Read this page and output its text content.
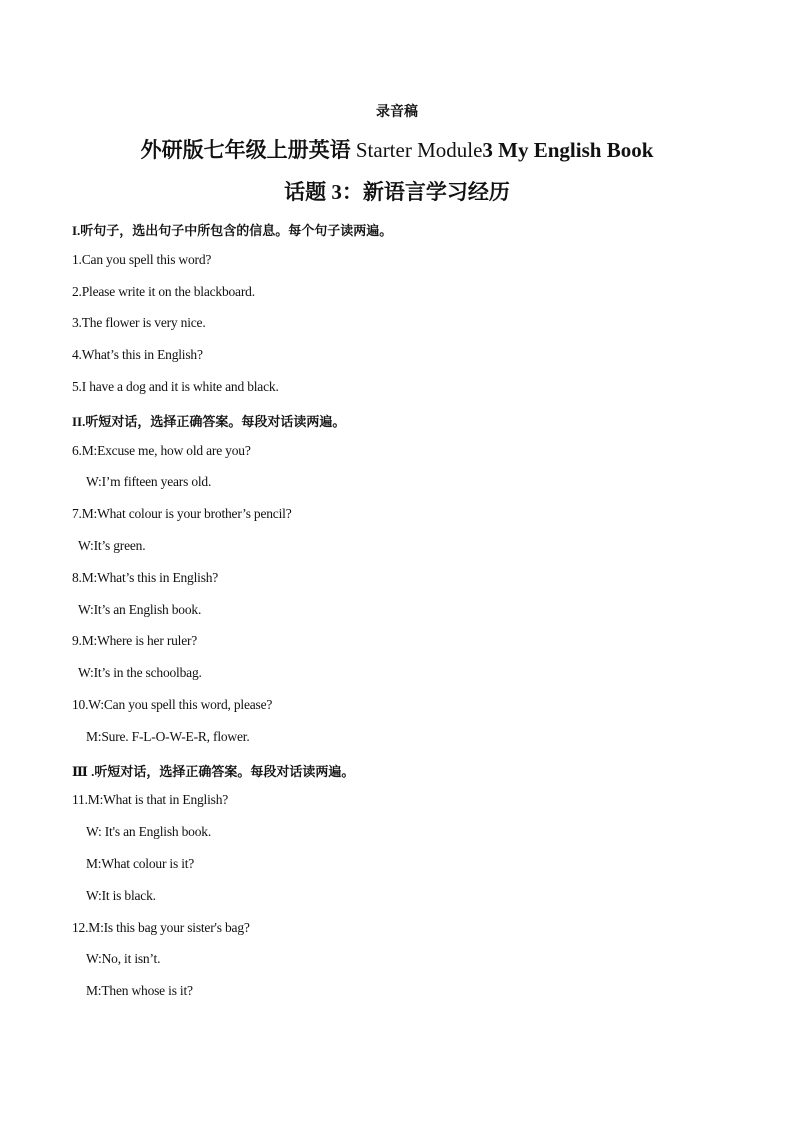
录音稿
外研版七年级上册英语 Starter Module3 My English Book
话题 3：新语言学习经历
I.听句子，选出句子中所包含的信息。每个句子读两遍。
1.Can you spell this word?
2.Please write it on the blackboard.
3.The flower is very nice.
4.What’s this in English?
5.I have a dog and it is white and black.
II.听短对话，选择正确答案。每段对话读两遍。
6.M:Excuse me, how old are you?
W:I’m fifteen years old.
7.M:What colour is your brother’s pencil?
W:It’s green.
8.M:What’s this in English?
W:It’s an English book.
9.M:Where is her ruler?
W:It’s in the schoolbag.
10.W:Can you spell this word, please?
M:Sure. F-L-O-W-E-R, flower.
Ⅲ .听短对话，选择正确答案。每段对话读两遍。
11.M:What is that in English?
W: It's an English book.
M:What colour is it?
W:It is black.
12.M:Is this bag your sister's bag?
W:No, it isn’t.
M:Then whose is it?
